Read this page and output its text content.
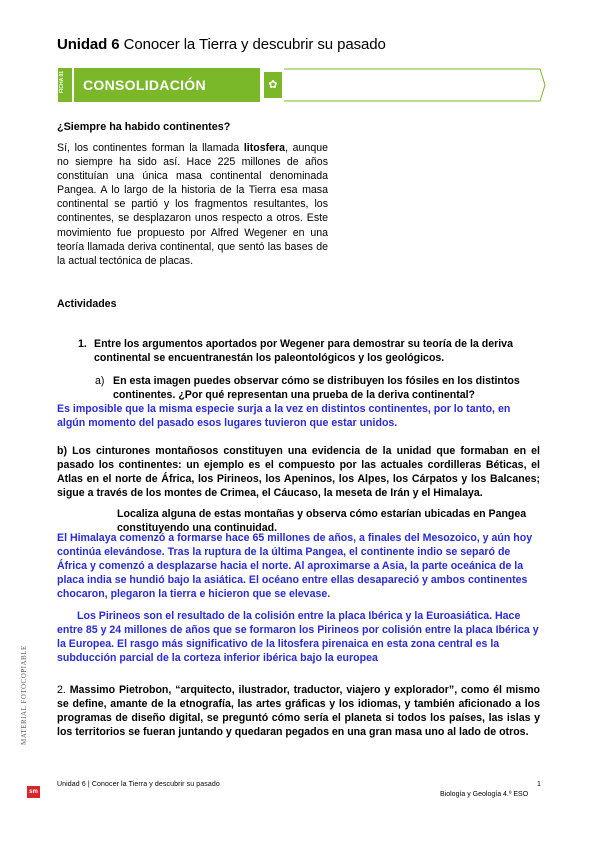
Unidad 6 Conocer la Tierra y descubrir su pasado
FICHA 01	CONSOLIDACIÓN	✿
¿Siempre ha habido continentes?
Sí, los continentes forman la llamada litosfera, aunque no siempre ha sido así. Hace 225 millones de años constituían una única masa continental denominada Pangea. A lo largo de la historia de la Tierra esa masa continental se partió y los fragmentos resultantes, los continentes, se desplazaron unos respecto a otros. Este movimiento fue propuesto por Alfred Wegener en una teoría llamada deriva continental, que sentó las bases de la actual tectónica de placas.
Actividades
1. Entre los argumentos aportados por Wegener para demostrar su teoría de la deriva continental se encuentranestán los paleontológicos y los geológicos.
a) En esta imagen puedes observar cómo se distribuyen los fósiles en los distintos continentes. ¿Por qué representan una prueba de la deriva continental?
Es imposible que la misma especie surja a la vez en distintos continentes, por lo tanto, en algún momento del pasado esos lugares tuvieron que estar unidos.
b) Los cinturones montañosos constituyen una evidencia de la unidad que formaban en el pasado los continentes: un ejemplo es el compuesto por las actuales cordilleras Béticas, el Atlas en el norte de África, los Pirineos, los Apeninos, los Alpes, los Cárpatos y los Balcanes; sigue a través de los montes de Crimea, el Cáucaso, la meseta de Irán y el Himalaya.
Localiza alguna de estas montañas y observa cómo estarían ubicadas en Pangea constituyendo una continuidad.
El Himalaya comenzó a formarse hace 65 millones de años, a finales del Mesozoico, y aún hoy continúa elevándose. Tras la ruptura de la última Pangea, el continente indio se separó de África y comenzó a desplazarse hacia el norte. Al aproximarse a Asia, la parte oceánica de la placa india se hundió bajo la asiática. El océano entre ellas desapareció y ambos continentes chocaron, plegaron la tierra e hicieron que se elevase.
Los Pirineos son el resultado de la colisión entre la placa Ibérica y la Euroasiática. Hace entre 85 y 24 millones de años que se formaron los Pirineos por colisión entre la placa Ibérica y la Europea. El rasgo más significativo de la litosfera pirenaica en esta zona central es la subducción parcial de la corteza inferior ibérica bajo la europea
2. Massimo Pietrobon, “arquitecto, ilustrador, traductor, viajero y explorador”, como él mismo se define, amante de la etnografía, las artes gráficas y los idiomas, y también aficionado a los programas de diseño digital, se preguntó cómo sería el planeta si todos los países, las islas y los territorios se fueran juntando y quedaran pegados en una gran masa uno al lado de otros.
MATERIAL FOTOCOPIABLE
sm
Unidad 6 | Conocer la Tierra y descubrir su pasado	1
Biología y Geología 4.º ESO
